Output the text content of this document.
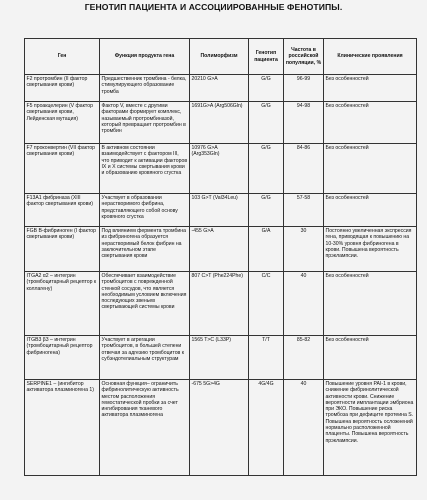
ГЕНОТИП ПАЦИЕНТА И АССОЦИИРОВАННЫЕ ФЕНОТИПЫ.
Ген	Функция продукта гена	Полиморфизм	Генотип пациента	Частота в российской популяции, %	Клинические проявления
F2 протромбин (II фактор свертывания крови)	Предшественник тромбина - белка, стимулирующего образование тромба	20210 G>A	G/G	96-99	Без особенностей
F5 проакцелерин (V фактор свертывания крови, Лейденская мутация)	Фактор V, вместе с другими факторами формирует комплекс, называемый протромбиназой, который превращает протромбин в тромбин	1691G>A (Arg506Gln)	G/G	94-98	Без особенностей
F7 проконвертин (VII фактор свертывания крови)	В активном состоянии взаимодействует с фактором III, что приводит к активации факторов IX и X системы свертывания крови и образованию кровяного сгустка	10976 G>A (Arg353Gln)	G/G	84-86	Без особенностей
F13A1 фибриназа (XIII фактор свертывания крови)	Участвует в образовании нерастворимого фибрина, представляющего собой основу кровяного сгустка	103 G>T (Val34Leu)	G/G	57-58	Без особенностей
FGB B-фибриноген (I фактор свертывания крови)	Под влиянием фермента тромбина из фибриногена образуется нерастворимый белок фибрин на заключительном этапе свертывания крови	-455 G>A	G/A	30	Постоянно увеличенная экспрессия гена, приводящая к повышению на 10-30% уровня фибриногена в крови. Повышена вероятность прэклампсии.
ITGA2 α2 – интегрин (тромбоцитарный рецептор к коллагену)	Обеспечивает взаимодействие тромбоцитов с поврежденной стенкой сосудов, что является необходимым условием включения последующих звеньев свертывающей системы крови	807 C>T (Phe224Phe)	C/C	40	Без особенностей
ITGB3 β3 – интегрин (тромбоцитарный рецептор фибриногена)	Участвует в агрегации тромбоцитов, в большей степени отвечая за адгезию тромбоцитов к субэндотелиальным структурам	1565 T>C (L33P)	T/T	85-82	Без особенностей
SERPINE1 – (ингибитор активатора плазминогена 1)	Основная функция– ограничить фибринолитическую активность местом расположения гемостатической пробки за счет ингибирования тканевого активатора плазминогена	-675 5G>4G	4G/4G	40	Повышение уровня PAI-1 в крови, снижение фибринолитической активности крови. Снижение вероятности имплантации эмбриона при ЭКО. Повышение риска тромбоза при дефиците протеина S. Повышена вероятность осложнений нормально расположенной плаценты. Повышена вероятность прэклампсии.
